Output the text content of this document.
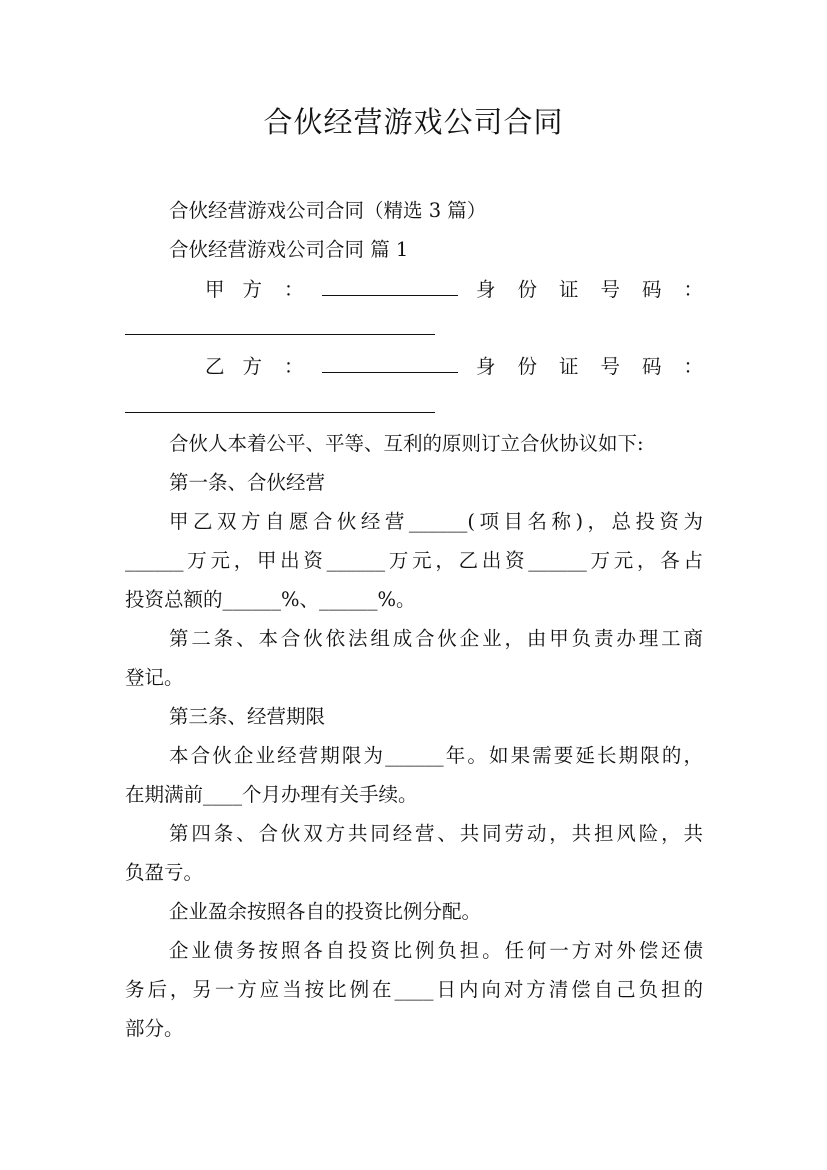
合伙经营游戏公司合同
合伙经营游戏公司合同（精选 3 篇）
合伙经营游戏公司合同 篇 1
甲方 ：	身份证号码 ：
乙方 ：	身份证号码 ：
合伙人本着公平、平等、互利的原则订立合伙协议如下:
第一条、合伙经营
甲乙双方自愿合伙经营______(项目名称)，总投资为
______万元，甲出资______万元，乙出资______万元，各占
投资总额的______%、______%。
第二条、本合伙依法组成合伙企业，由甲负责办理工商
登记。
第三条、经营期限
本合伙企业经营期限为______年。如果需要延长期限的，
在期满前____个月办理有关手续。
第四条、合伙双方共同经营、共同劳动，共担风险，共
负盈亏。
企业盈余按照各自的投资比例分配。
企业债务按照各自投资比例负担。任何一方对外偿还债
务后，另一方应当按比例在____日内向对方清偿自己负担的
部分。
